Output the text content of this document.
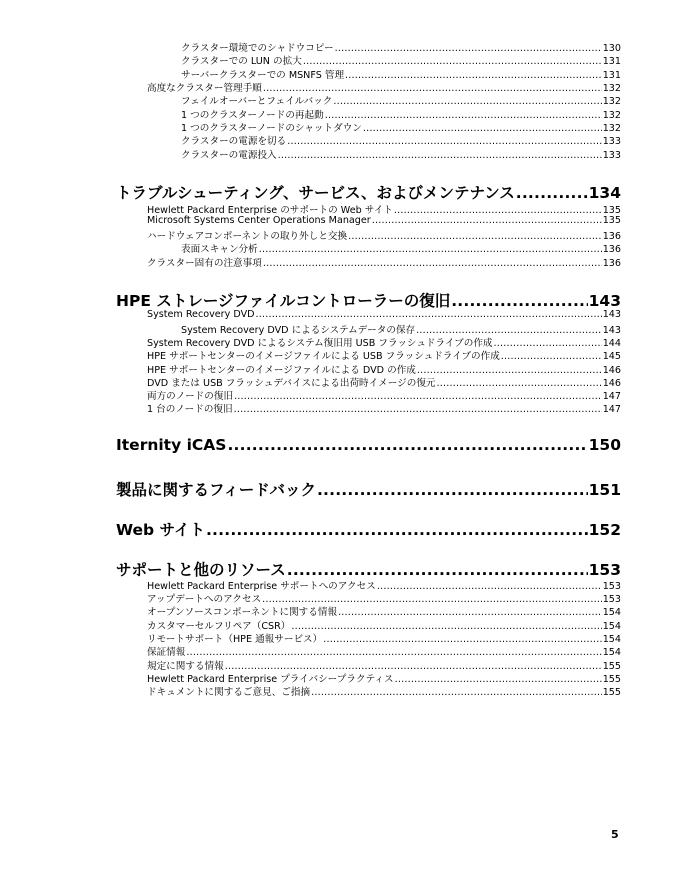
クラスター環境でのシャドウコピー .....	130
クラスターでの LUN の拡大 .....	131
サーバークラスターでの MSNFS 管理 .....	131
高度なクラスター管理手順 .....	132
フェイルオーバーとフェイルバック .....	132
1 つのクラスターノードの再起動 .....	132
1 つのクラスターノードのシャットダウン .....	132
クラスターの電源を切る .....	133
クラスターの電源投入 .....	133
トラブルシューティング、サービス、およびメンテナンス .....	134
Hewlett Packard Enterprise のサポートの Web サイト .....	135
Microsoft Systems Center Operations Manager .....	135
ハードウェアコンポーネントの取り外しと交換 .....	136
表面スキャン分析 .....	136
クラスター固有の注意事項 .....	136
HPE ストレージファイルコントローラーの復旧 .....	143
System Recovery DVD .....	143
System Recovery DVD によるシステムデータの保存 .....	143
System Recovery DVD によるシステム復旧用 USB フラッシュドライブの作成 .....	144
HPE サポートセンターのイメージファイルによる USB フラッシュドライブの作成 .....	145
HPE サポートセンターのイメージファイルによる DVD の作成 .....	146
DVD または USB フラッシュデバイスによる出荷時イメージの復元 .....	146
両方のノードの復旧 .....	147
1 台のノードの復旧 .....	147
Iternity iCAS .....	150
製品に関するフィードバック .....	151
Web サイト .....	152
サポートと他のリソース .....	153
Hewlett Packard Enterprise サポートへのアクセス .....	153
アップデートへのアクセス .....	153
オープンソースコンポーネントに関する情報 .....	154
カスタマーセルフリペア（CSR） .....	154
リモートサポート（HPE 通報サービス） .....	154
保証情報 .....	154
規定に関する情報 .....	155
Hewlett Packard Enterprise プライバシープラクティス .....	155
ドキュメントに関するご意見、ご指摘 .....	155
5
